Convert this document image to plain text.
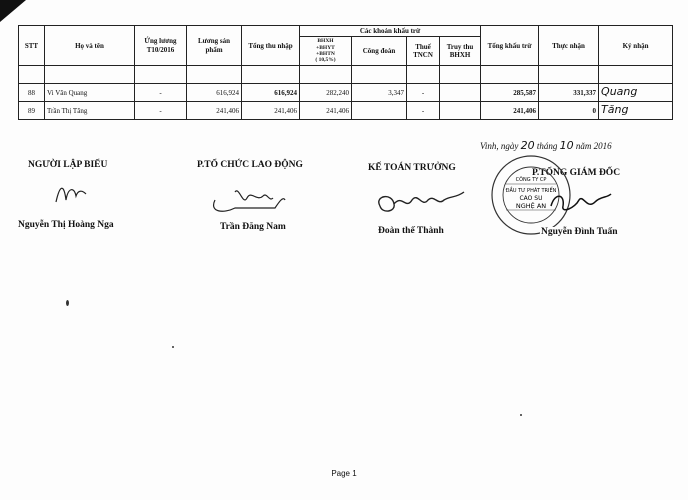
STT	Họ và tên	Ứng lương T10/2016	Lương sản phẩm	Tổng thu nhập	Các khoản khấu trừ				Tổng khấu trừ	Thực nhận	Ký nhận

					BHXH
+BHYT
+BHTN
( 10,5%)	Công đoàn	Thuế TNCN	Truy thu BHXH			

88	Vi Văn Quang	-	616,924	616,924	282,240	3,347	-		285,587	331,337	Quang
89	Trần Thị Tăng	-	241,406	241,406	241,406		-		241,406	0	Tăng
Vinh, ngày 20 tháng 10 năm 2016
NGƯỜI LẬP BIỂU
Nguyễn Thị Hoàng Nga
P.TỔ CHỨC LAO ĐỘNG
Trần Đăng Nam
KẾ TOÁN TRƯỞNG
Đoàn thế Thành
P.TỔNG GIÁM ĐỐC
CÔNG TY CP
ĐẦU TƯ PHÁT TRIỂN
CAO SU
NGHỆ AN
Nguyễn Đình Tuấn
Page 1
